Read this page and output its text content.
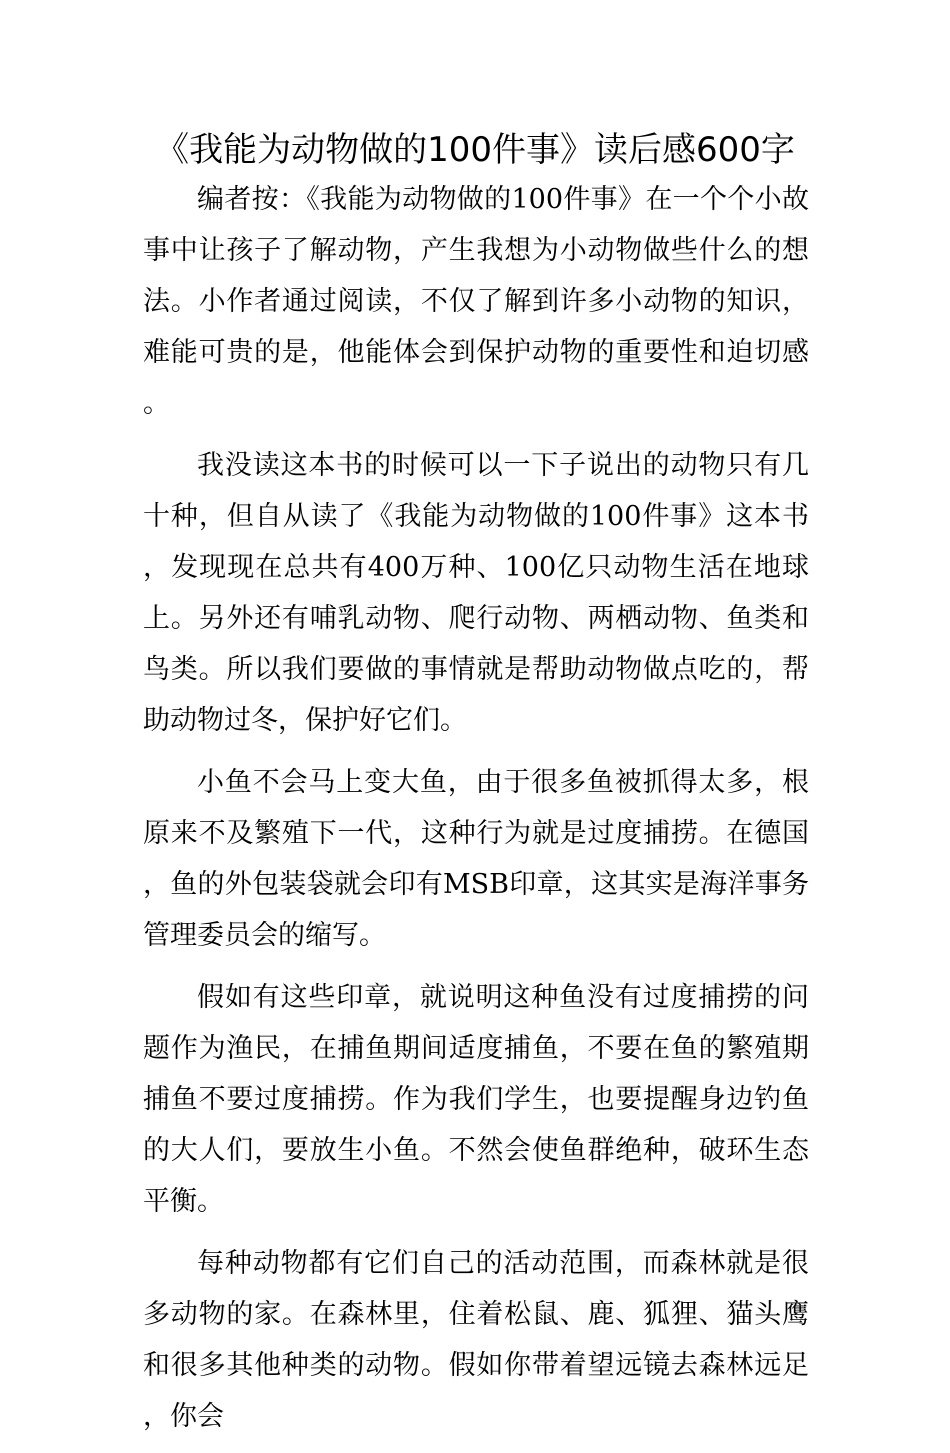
《我能为动物做的100件事》读后感600字

编者按：《我能为动物做的100件事》在一个个小故事中让孩子了解动物，产生我想为小动物做些什么的想法。小作者通过阅读，不仅了解到许多小动物的知识，难能可贵的是，他能体会到保护动物的重要性和迫切感。

我没读这本书的时候可以一下子说出的动物只有几十种，但自从读了《我能为动物做的100件事》这本书，发现现在总共有400万种、100亿只动物生活在地球上。另外还有哺乳动物、爬行动物、两栖动物、鱼类和鸟类。所以我们要做的事情就是帮助动物做点吃的，帮助动物过冬，保护好它们。

小鱼不会马上变大鱼，由于很多鱼被抓得太多，根原来不及繁殖下一代，这种行为就是过度捕捞。在德国，鱼的外包装袋就会印有MSB印章，这其实是海洋事务管理委员会的缩写。

假如有这些印章，就说明这种鱼没有过度捕捞的问题作为渔民，在捕鱼期间适度捕鱼，不要在鱼的繁殖期捕鱼不要过度捕捞。作为我们学生，也要提醒身边钓鱼的大人们，要放生小鱼。不然会使鱼群绝种，破环生态平衡。

每种动物都有它们自己的活动范围，而森林就是很多动物的家。在森林里，住着松鼠、鹿、狐狸、猫头鹰和很多其他种类的动物。假如你带着望远镜去森林远足，你会
